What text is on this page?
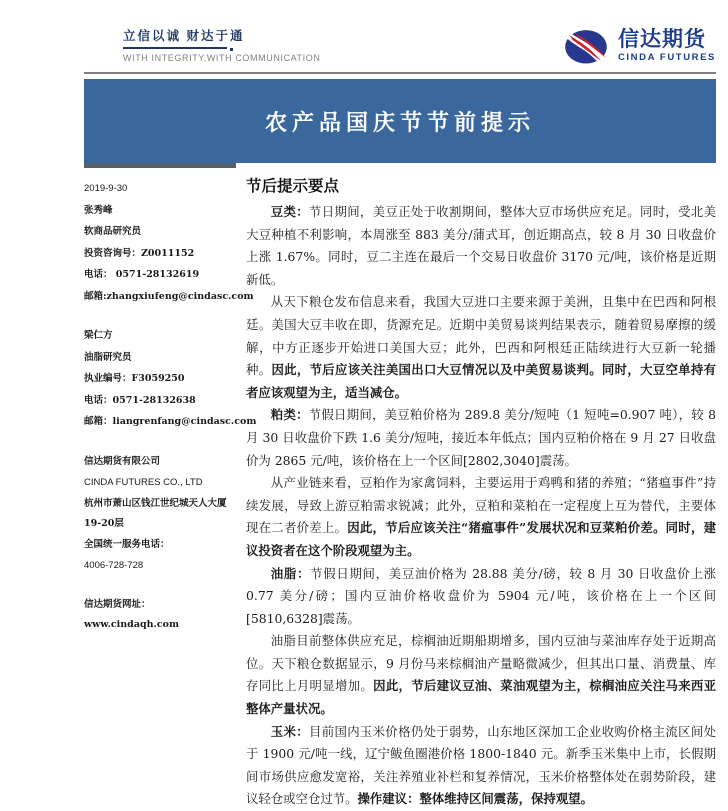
立信以诚 财达于通
WITH INTEGRITY.WITH COMMUNICATION
信达期货
CINDA FUTURES
农产品国庆节节前提示
2019-9-30
张秀峰
软商品研究员
投资咨询号：Z0011152
电话： 0571-28132619
邮箱:zhangxiufeng@cindasc.com
梁仁方
油脂研究员
执业编号：F3059250
电话：0571-28132638
邮箱：liangrenfang@cindasc.com
信达期货有限公司
CINDA FUTURES CO., LTD
杭州市萧山区钱江世纪城天人大厦19-20层
全国统一服务电话：
4006-728-728
信达期货网址： www.cindaqh.com
节后提示要点

豆类：节日期间，美豆正处于收割期间，整体大豆市场供应充足。同时，受北美大豆种植不利影响，本周涨至 883 美分/蒲式耳，创近期高点，较 8 月 30 日收盘价上涨 1.67%。同时，豆二主连在最后一个交易日收盘价 3170 元/吨，该价格是近期新低。

从天下粮仓发布信息来看，我国大豆进口主要来源于美洲，且集中在巴西和阿根廷。美国大豆丰收在即，货源充足。近期中美贸易谈判结果表示，随着贸易摩擦的缓解，中方正逐步开始进口美国大豆；此外，巴西和阿根廷正陆续进行大豆新一轮播种。因此，节后应该关注美国出口大豆情况以及中美贸易谈判。同时，大豆空单持有者应该观望为主，适当减仓。

粕类：节假日期间，美豆粕价格为 289.8 美分/短吨（1 短吨=0.907 吨），较 8 月 30 日收盘价下跌 1.6 美分/短吨，接近本年低点；国内豆粕价格在 9 月 27 日收盘价为 2865 元/吨，该价格在上一个区间[2802,3040]震荡。

从产业链来看，豆粕作为家禽饲料，主要运用于鸡鸭和猪的养殖；“猪瘟事件”持续发展，导致上游豆粕需求锐减；此外，豆粕和菜粕在一定程度上互为替代，主要体现在二者价差上。因此，节后应该关注“猪瘟事件”发展状况和豆菜粕价差。同时，建议投资者在这个阶段观望为主。

油脂：节假日期间，美豆油价格为 28.88 美分/磅，较 8 月 30 日收盘价上涨 0.77 美分/磅；国内豆油价格收盘价为 5904 元/吨，该价格在上一个区间[5810,6328]震荡。

油脂目前整体供应充足，棕榈油近期船期增多，国内豆油与菜油库存处于近期高位。天下粮仓数据显示，9 月份马来棕榈油产量略微减少，但其出口量、消费量、库存同比上月明显增加。因此，节后建议豆油、菜油观望为主，棕榈油应关注马来西亚整体产量状况。

玉米：目前国内玉米价格仍处于弱势，山东地区深加工企业收购价格主流区间处于 1900 元/吨一线，辽宁鲅鱼圈港价格 1800-1840 元。新季玉米集中上市，长假期间市场供应愈发宽裕，关注养殖业补栏和复养情况，玉米价格整体处在弱势阶段，建议轻仓或空仓过节。操作建议：整体维持区间震荡，保持观望。
